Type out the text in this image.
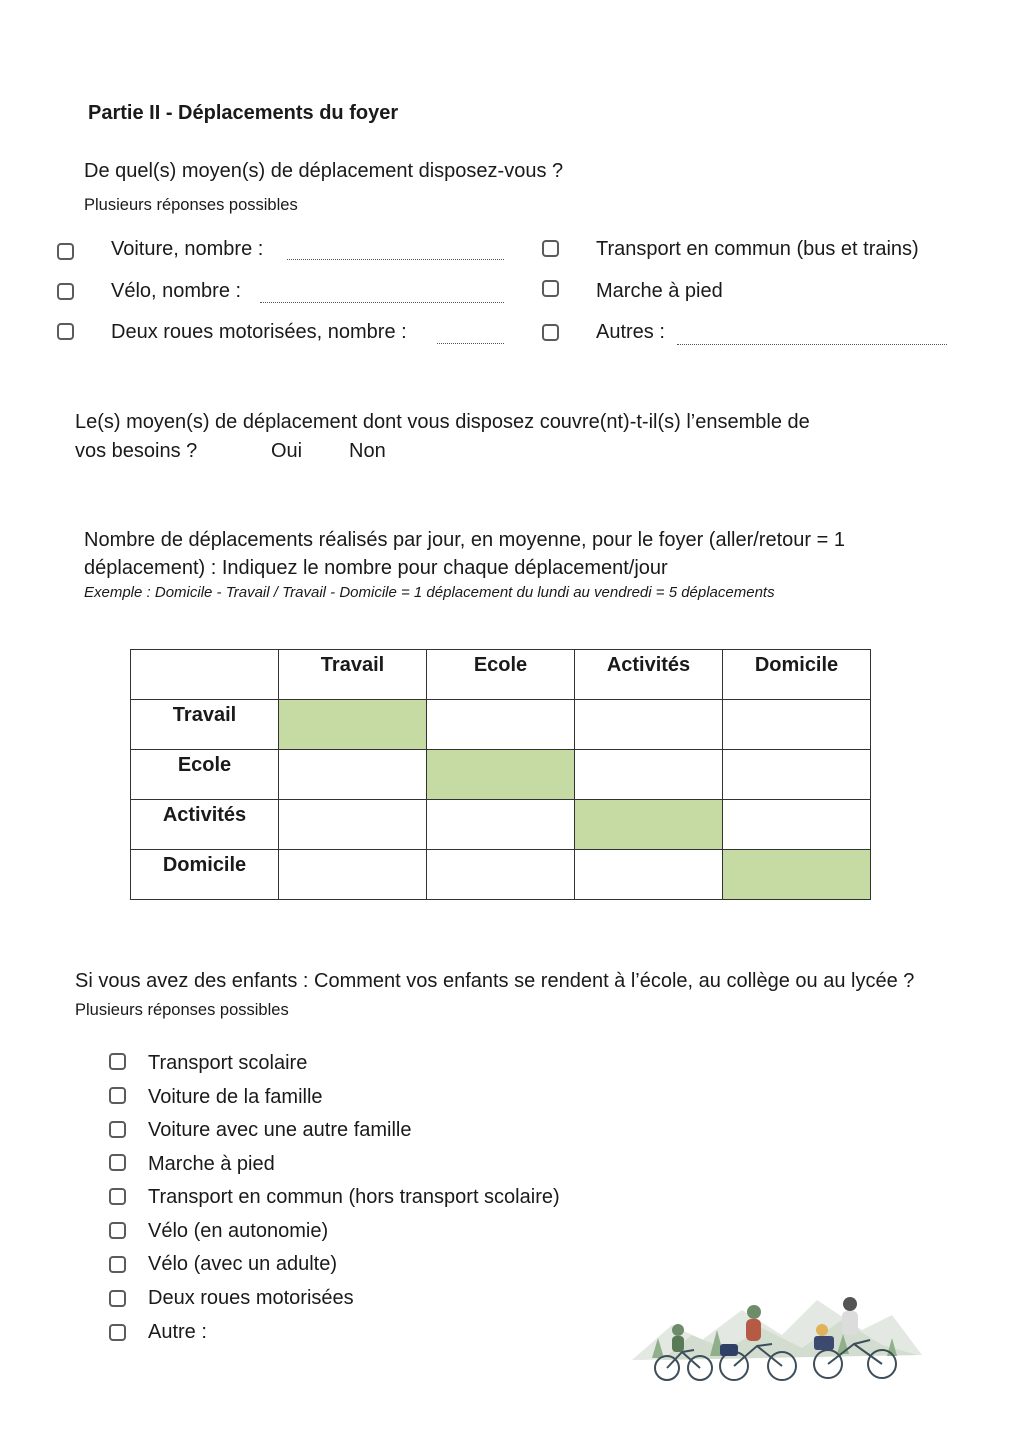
Partie II - Déplacements du foyer
De quel(s) moyen(s) de déplacement disposez-vous ?
Plusieurs réponses possibles
Voiture, nombre :
Vélo, nombre :
Deux roues motorisées, nombre :
Transport en commun (bus et trains)
Marche à pied
Autres :
Le(s) moyen(s) de déplacement dont vous disposez couvre(nt)-t-il(s) l’ensemble de
vos besoins ?	Oui Non
Nombre de déplacements réalisés par jour, en moyenne, pour le foyer (aller/retour = 1
déplacement) : Indiquez le nombre pour chaque déplacement/jour
Exemple : Domicile - Travail / Travail - Domicile = 1 déplacement du lundi au vendredi = 5 déplacements

	Travail	Ecole	Activités	Domicile

Travail				

Ecole				

Activités				

Domicile				

Si vous avez des enfants : Comment vos enfants se rendent à l’école, au collège ou au lycée ?
Plusieurs réponses possibles
Transport scolaire
Voiture de la famille
Voiture avec une autre famille
Marche à pied
Transport en commun (hors transport scolaire)
Vélo (en autonomie)
Vélo (avec un adulte)
Deux roues motorisées
Autre :
